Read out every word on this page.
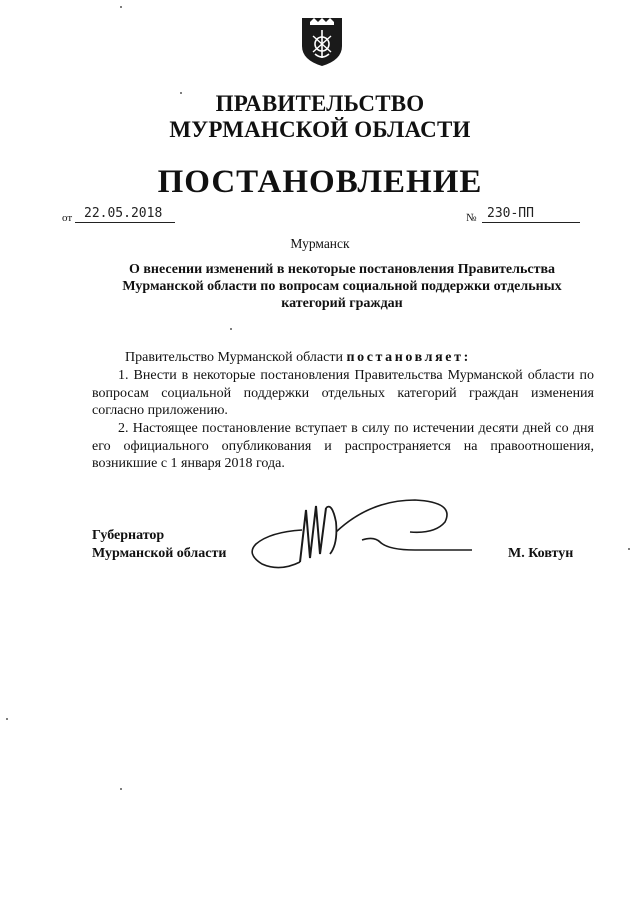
ПРАВИТЕЛЬСТВО
МУРМАНСКОЙ ОБЛАСТИ
ПОСТАНОВЛЕНИЕ
от 22.05.2018	№ 230-ПП
Мурманск
О внесении изменений в некоторые постановления Правительства Мурманской области по вопросам социальной поддержки отдельных категорий граждан
Правительство Мурманской области постановляет:
1. Внести в некоторые постановления Правительства Мурманской области по вопросам социальной поддержки отдельных категорий граждан изменения согласно приложению.
2. Настоящее постановление вступает в силу по истечении десяти дней со дня его официального опубликования и распространяется на правоотношения, возникшие с 1 января 2018 года.
Губернатор
Мурманской области	М. Ковтун
